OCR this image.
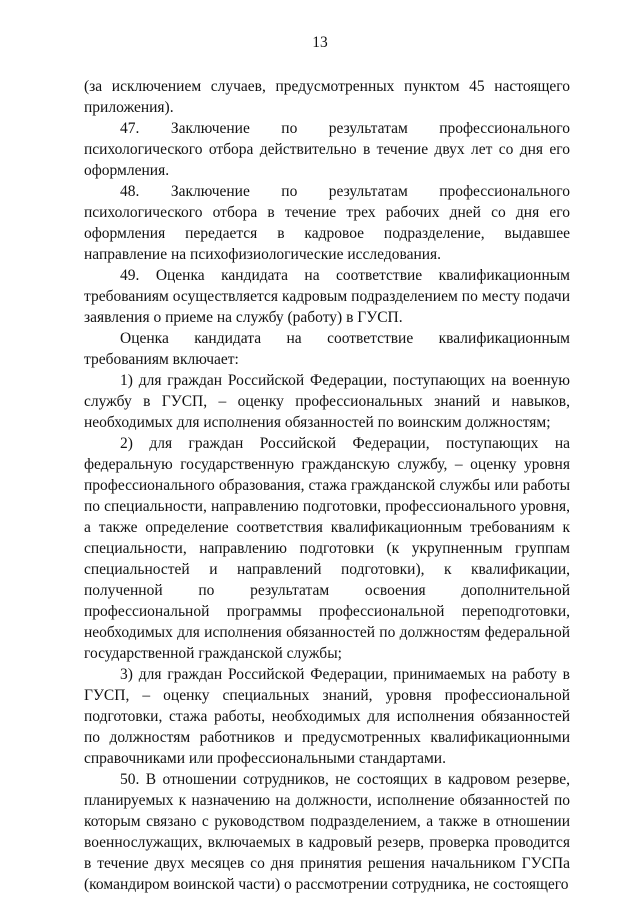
13

(за исключением случаев, предусмотренных пунктом 45 настоящего приложения).

47. Заключение по результатам профессионального психологического отбора действительно в течение двух лет со дня его оформления.

48. Заключение по результатам профессионального психологического отбора в течение трех рабочих дней со дня его оформления передается в кадровое подразделение, выдавшее направление на психофизиологические исследования.

49. Оценка кандидата на соответствие квалификационным требованиям осуществляется кадровым подразделением по месту подачи заявления о приеме на службу (работу) в ГУСП.

Оценка кандидата на соответствие квалификационным требованиям включает:

1) для граждан Российской Федерации, поступающих на военную службу в ГУСП, – оценку профессиональных знаний и навыков, необходимых для исполнения обязанностей по воинским должностям;

2) для граждан Российской Федерации, поступающих на федеральную государственную гражданскую службу, – оценку уровня профессионального образования, стажа гражданской службы или работы по специальности, направлению подготовки, профессионального уровня, а также определение соответствия квалификационным требованиям к специальности, направлению подготовки (к укрупненным группам специальностей и направлений подготовки), к квалификации, полученной по результатам освоения дополнительной профессиональной программы профессиональной переподготовки, необходимых для исполнения обязанностей по должностям федеральной государственной гражданской службы;

3) для граждан Российской Федерации, принимаемых на работу в ГУСП, – оценку специальных знаний, уровня профессиональной подготовки, стажа работы, необходимых для исполнения обязанностей по должностям работников и предусмотренных квалификационными справочниками или профессиональными стандартами.

50. В отношении сотрудников, не состоящих в кадровом резерве, планируемых к назначению на должности, исполнение обязанностей по которым связано с руководством подразделением, а также в отношении военнослужащих, включаемых в кадровый резерв, проверка проводится в течение двух месяцев со дня принятия решения начальником ГУСПа (командиром воинской части) о рассмотрении сотрудника, не состоящего
